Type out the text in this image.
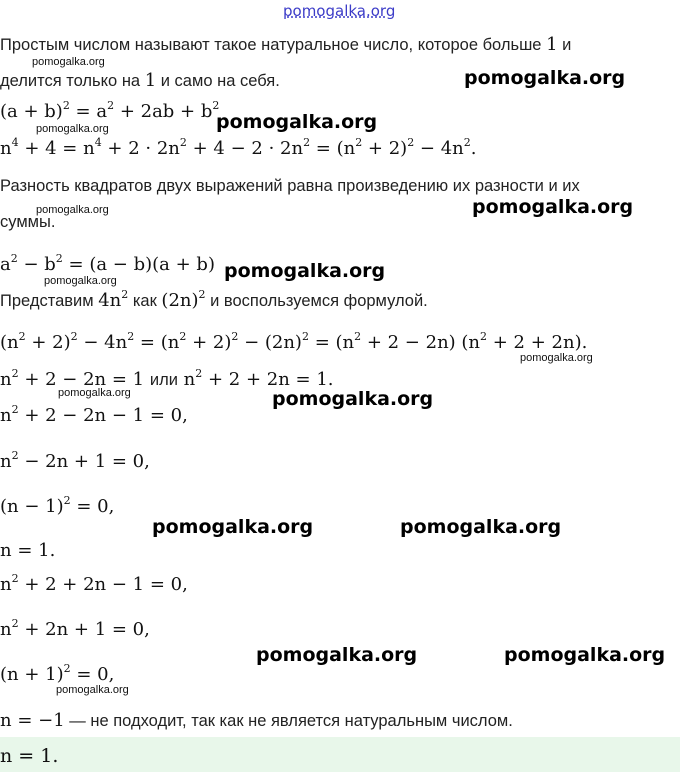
pomogalka.org
Простым числом называют такое натуральное число, которое больше 1 и
pomogalka.org
делится только на 1 и само на себя.	pomogalka.org
$(a + b)^2 = a^2 + 2ab + b^2$
pomogalka.org
pomogalka.org
$n^4 + 4 = n^4 + 2 \cdot 2n^2 + 4 - 2 \cdot 2n^2 = (n^2 + 2)^2 - 4n^2$.
Разность квадратов двух выражений равна произведению их разности и их
pomogalka.org
pomogalka.org
суммы.
$a^2 - b^2 = (a - b)(a + b)$ pomogalka.org
pomogalka.org
Представим $4n^2$ как $(2n)^2$ и воспользуемся формулой.
$(n^2 + 2)^2 - 4n^2 = (n^2 + 2)^2 - (2n)^2 = (n^2 + 2 - 2n) (n^2 + 2 + 2n)$.
pomogalka.org
$n^2 + 2 - 2n = 1$ или $n^2 + 2 + 2n = 1$.
pomogalka.org	pomogalka.org
$n^2 + 2 - 2n - 1 = 0$,
$n^2 - 2n + 1 = 0$,
$(n - 1)^2 = 0$,
pomogalka.org	pomogalka.org
n = 1.
$n^2 + 2 + 2n - 1 = 0$,
$n^2 + 2n + 1 = 0$,
pomogalka.org	pomogalka.org
$(n + 1)^2 = 0$,
pomogalka.org
n = −1 — не подходит, так как не является натуральным числом.
n = 1.
